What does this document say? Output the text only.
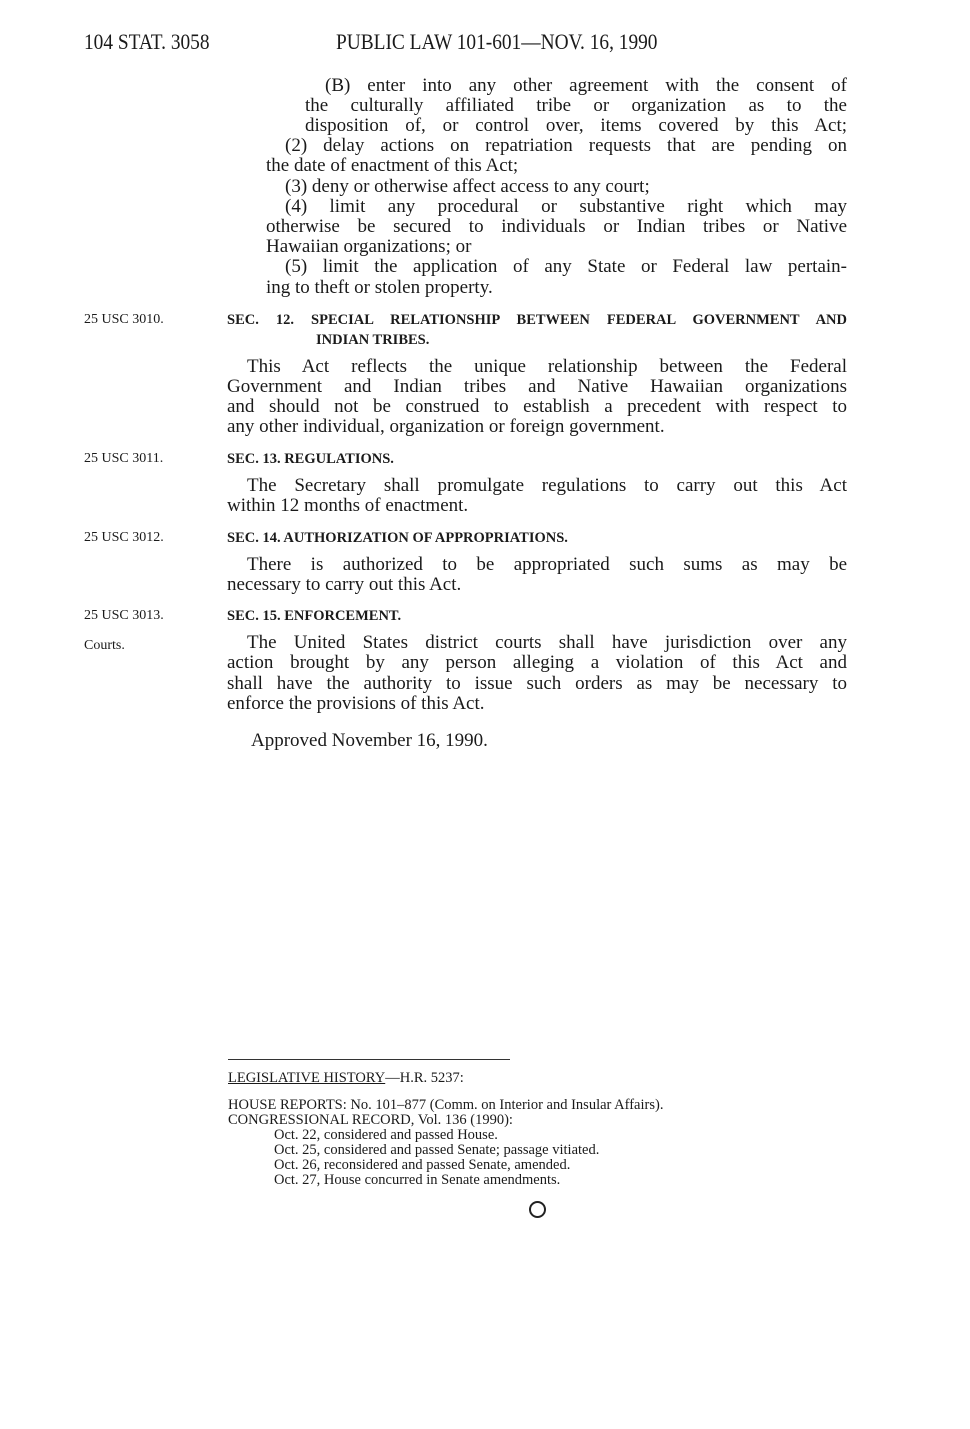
104 STAT. 3058	PUBLIC LAW 101-601—NOV. 16, 1990
(B) enter into any other agreement with the consent of
the culturally affiliated tribe or organization as to the
disposition of, or control over, items covered by this Act;
(2) delay actions on repatriation requests that are pending on
the date of enactment of this Act;
(3) deny or otherwise affect access to any court;
(4) limit any procedural or substantive right which may
otherwise be secured to individuals or Indian tribes or Native
Hawaiian organizations; or
(5) limit the application of any State or Federal law pertain-
ing to theft or stolen property.
25 USC 3010.	SEC. 12. SPECIAL RELATIONSHIP BETWEEN FEDERAL GOVERNMENT AND
INDIAN TRIBES.
This Act reflects the unique relationship between the Federal
Government and Indian tribes and Native Hawaiian organizations
and should not be construed to establish a precedent with respect to
any other individual, organization or foreign government.
25 USC 3011.	SEC. 13. REGULATIONS.
The Secretary shall promulgate regulations to carry out this Act
within 12 months of enactment.
25 USC 3012.	SEC. 14. AUTHORIZATION OF APPROPRIATIONS.
There is authorized to be appropriated such sums as may be
necessary to carry out this Act.
25 USC 3013.
Courts.
SEC. 15. ENFORCEMENT.
The United States district courts shall have jurisdiction over any
action brought by any person alleging a violation of this Act and
shall have the authority to issue such orders as may be necessary to
enforce the provisions of this Act.
Approved November 16, 1990.
LEGISLATIVE HISTORY—H.R. 5237:
HOUSE REPORTS: No. 101–877 (Comm. on Interior and Insular Affairs).
CONGRESSIONAL RECORD, Vol. 136 (1990):
Oct. 22, considered and passed House.
Oct. 25, considered and passed Senate; passage vitiated.
Oct. 26, reconsidered and passed Senate, amended.
Oct. 27, House concurred in Senate amendments.
